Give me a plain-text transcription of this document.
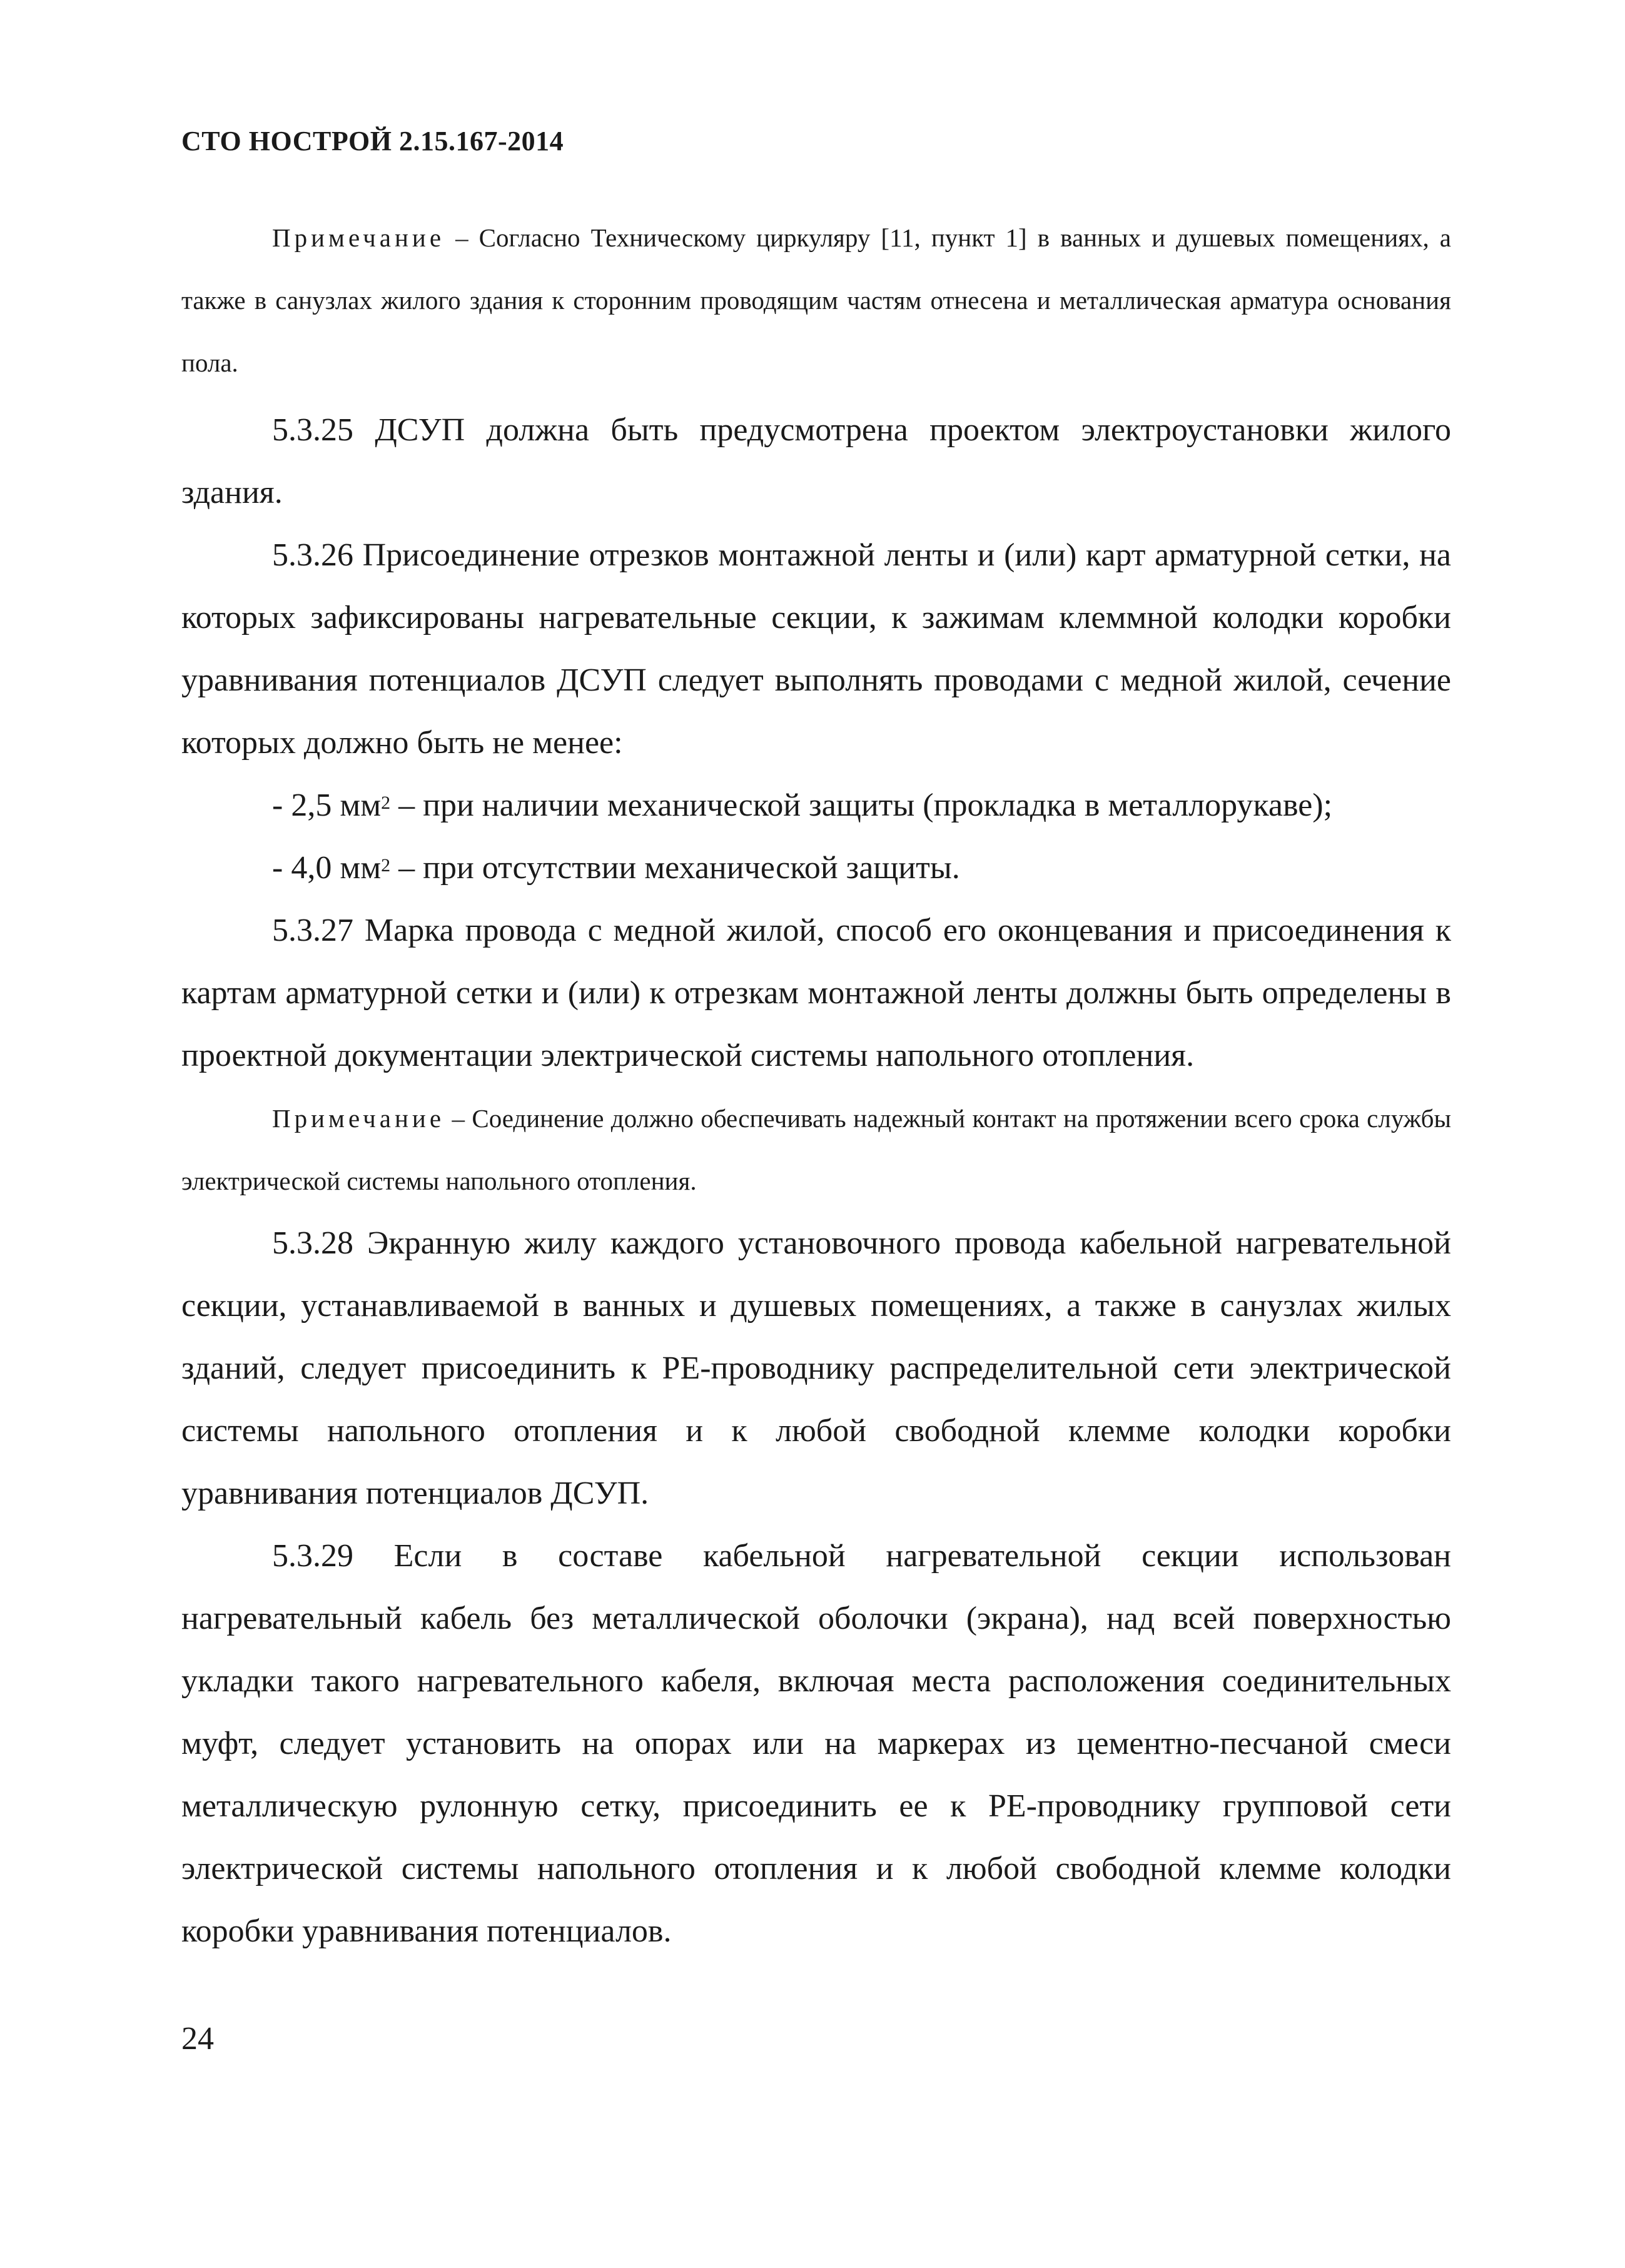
СТО НОСТРОЙ 2.15.167-2014

Примечание – Согласно Техническому циркуляру [11, пункт 1] в ванных и душевых помещениях, а также в санузлах жилого здания к сторонним проводящим частям отнесена и металлическая арматура основания пола.

5.3.25 ДСУП должна быть предусмотрена проектом электроустановки жилого здания.

5.3.26 Присоединение отрезков монтажной ленты и (или) карт арматурной сетки, на которых зафиксированы нагревательные секции, к зажимам клеммной колодки коробки уравнивания потенциалов ДСУП следует выполнять проводами с медной жилой, сечение которых должно быть не менее:

- 2,5 $мм^2$ – при наличии механической защиты (прокладка в металлорукаве);

- 4,0 $мм^2$ – при отсутствии механической защиты.

5.3.27 Марка провода с медной жилой, способ его оконцевания и присоединения к картам арматурной сетки и (или) к отрезкам монтажной ленты должны быть определены в проектной документации электрической системы напольного отопления.

Примечание – Соединение должно обеспечивать надежный контакт на протяжении всего срока службы электрической системы напольного отопления.

5.3.28 Экранную жилу каждого установочного провода кабельной нагревательной секции, устанавливаемой в ванных и душевых помещениях, а также в санузлах жилых зданий, следует присоединить к РЕ-проводнику распределительной сети электрической системы напольного отопления и к любой свободной клемме колодки коробки уравнивания потенциалов ДСУП.

5.3.29 Если в составе кабельной нагревательной секции использован нагревательный кабель без металлической оболочки (экрана), над всей поверхностью укладки такого нагревательного кабеля, включая места расположения соединительных муфт, следует установить на опорах или на маркерах из цементно-песчаной смеси металлическую рулонную сетку, присоединить ее к РЕ-проводнику групповой сети электрической системы напольного отопления и к любой свободной клемме колодки коробки уравнивания потенциалов.

24
